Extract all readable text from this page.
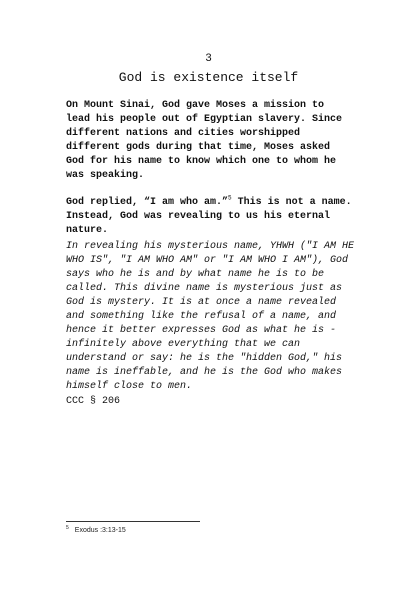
3
God is existence itself

On Mount Sinai, God gave Moses a mission to
lead his people out of Egyptian slavery. Since
different nations and cities worshipped
different gods during that time, Moses asked
God for his name to know which one to whom he
was speaking.

God replied, “I am who am.”$^5$ This is not a name.
Instead, God was revealing to us his eternal
nature.

In revealing his mysterious name, YHWH ("I AM HE
WHO IS", "I AM WHO AM" or "I AM WHO I AM"), God
says who he is and by what name he is to be
called. This divine name is mysterious just as
God is mystery. It is at once a name revealed
and something like the refusal of a name, and
hence it better expresses God as what he is -
infinitely above everything that we can
understand or say: he is the "hidden God," his
name is ineffable, and he is the God who makes
himself close to men.

CCC § 206

$^5$ Exodus :3:13-15
